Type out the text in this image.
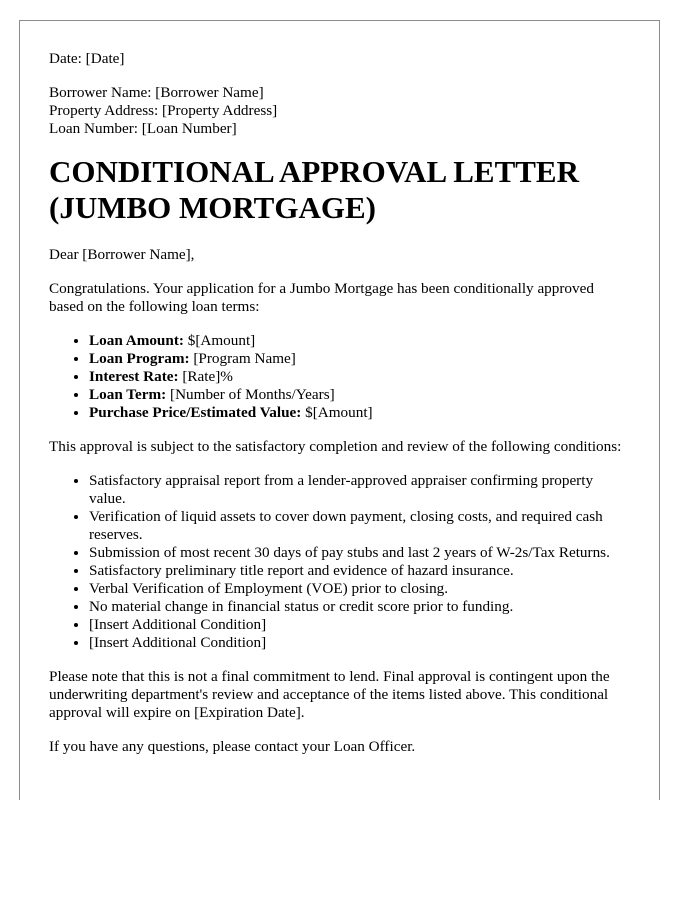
Date: [Date]

Borrower Name: [Borrower Name]
Property Address: [Property Address]
Loan Number: [Loan Number]
CONDITIONAL APPROVAL LETTER
(JUMBO MORTGAGE)

Dear [Borrower Name],

Congratulations. Your application for a Jumbo Mortgage has been conditionally approved based on the following loan terms:

• Loan Amount: $[Amount]
• Loan Program: [Program Name]
• Interest Rate: [Rate]%
• Loan Term: [Number of Months/Years]
• Purchase Price/Estimated Value: $[Amount]

This approval is subject to the satisfactory completion and review of the following conditions:

• Satisfactory appraisal report from a lender-approved appraiser confirming property value.
• Verification of liquid assets to cover down payment, closing costs, and required cash reserves.
• Submission of most recent 30 days of pay stubs and last 2 years of W-2s/Tax Returns.
• Satisfactory preliminary title report and evidence of hazard insurance.
• Verbal Verification of Employment (VOE) prior to closing.
• No material change in financial status or credit score prior to funding.
• [Insert Additional Condition]
• [Insert Additional Condition]

Please note that this is not a final commitment to lend. Final approval is contingent upon the underwriting department's review and acceptance of the items listed above. This conditional approval will expire on [Expiration Date].

If you have any questions, please contact your Loan Officer.
